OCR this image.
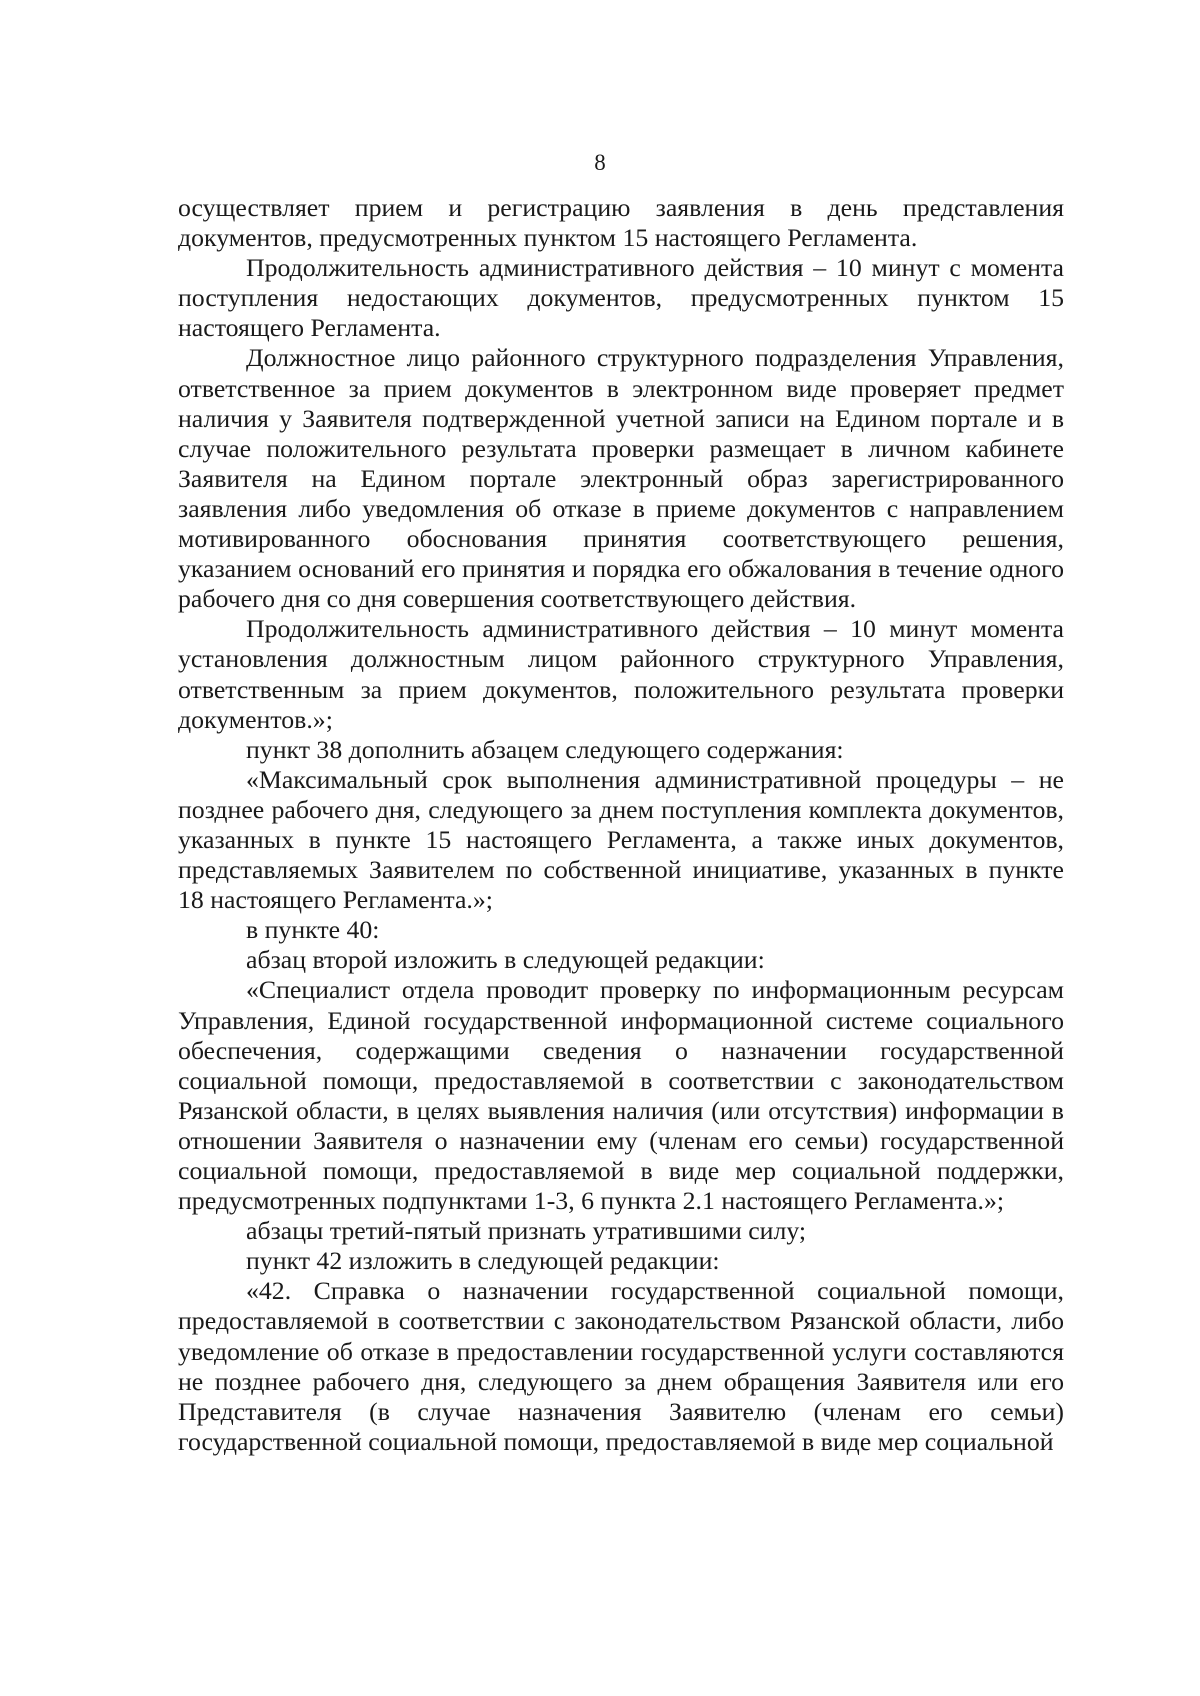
8

осуществляет прием и регистрацию заявления в день представления документов, предусмотренных пунктом 15 настоящего Регламента.

Продолжительность административного действия – 10 минут с момента поступления недостающих документов, предусмотренных пунктом 15 настоящего Регламента.

Должностное лицо районного структурного подразделения Управления, ответственное за прием документов в электронном виде проверяет предмет наличия у Заявителя подтвержденной учетной записи на Едином портале и в случае положительного результата проверки размещает в личном кабинете Заявителя на Едином портале электронный образ зарегистрированного заявления либо уведомления об отказе в приеме документов с направлением мотивированного обоснования принятия соответствующего решения, указанием оснований его принятия и порядка его обжалования в течение одного рабочего дня со дня совершения соответствующего действия.

Продолжительность административного действия – 10 минут момента установления должностным лицом районного структурного Управления, ответственным за прием документов, положительного результата проверки документов.»;

пункт 38 дополнить абзацем следующего содержания:

«Максимальный срок выполнения административной процедуры – не позднее рабочего дня, следующего за днем поступления комплекта документов, указанных в пункте 15 настоящего Регламента, а также иных документов, представляемых Заявителем по собственной инициативе, указанных в пункте 18 настоящего Регламента.»;

в пункте 40:

абзац второй изложить в следующей редакции:

«Специалист отдела проводит проверку по информационным ресурсам Управления, Единой государственной информационной системе социального обеспечения, содержащими сведения о назначении государственной социальной помощи, предоставляемой в соответствии с законодательством Рязанской области, в целях выявления наличия (или отсутствия) информации в отношении Заявителя о назначении ему (членам его семьи) государственной социальной помощи, предоставляемой в виде мер социальной поддержки, предусмотренных подпунктами 1-3, 6 пункта 2.1 настоящего Регламента.»;

абзацы третий-пятый признать утратившими силу;

пункт 42 изложить в следующей редакции:

«42. Справка о назначении государственной социальной помощи, предоставляемой в соответствии с законодательством Рязанской области, либо уведомление об отказе в предоставлении государственной услуги составляются не позднее рабочего дня, следующего за днем обращения Заявителя или его Представителя (в случае назначения Заявителю (членам его семьи) государственной социальной помощи, предоставляемой в виде мер социальной
